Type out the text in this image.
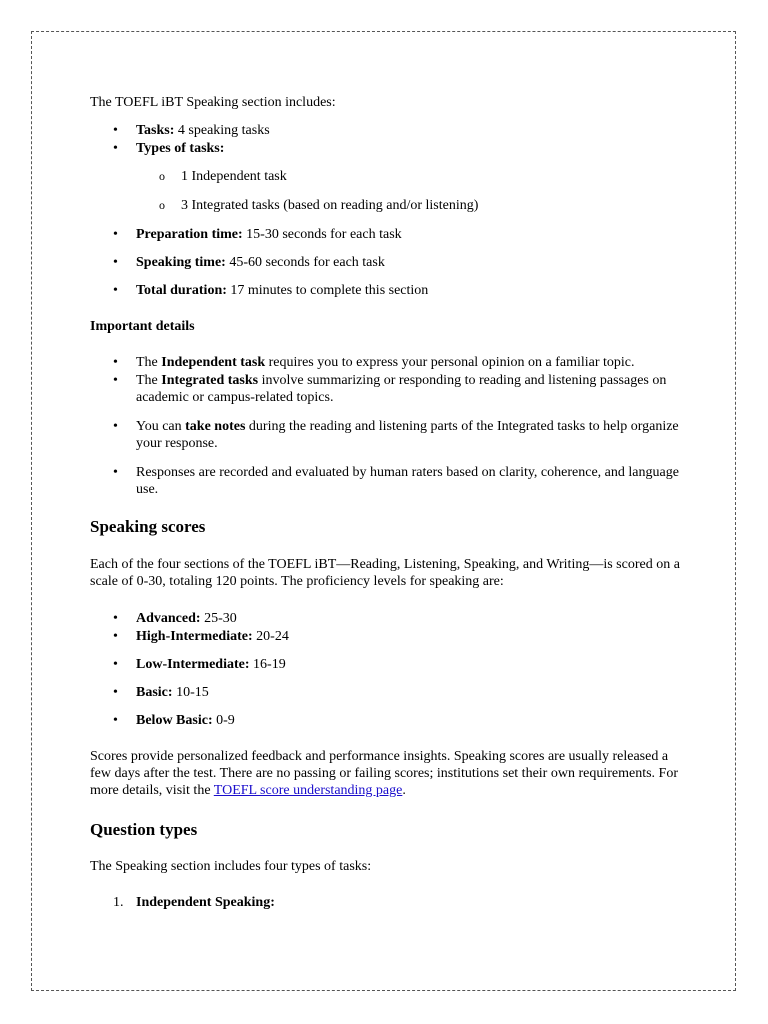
The TOEFL iBT Speaking section includes:
• Tasks: 4 speaking tasks
• Types of tasks:
o 1 Independent task
o 3 Integrated tasks (based on reading and/or listening)
• Preparation time: 15-30 seconds for each task
• Speaking time: 45-60 seconds for each task
• Total duration: 17 minutes to complete this section
Important details
• The Independent task requires you to express your personal opinion on a familiar topic.
• The Integrated tasks involve summarizing or responding to reading and listening passages on academic or campus-related topics.
• You can take notes during the reading and listening parts of the Integrated tasks to help organize your response.
• Responses are recorded and evaluated by human raters based on clarity, coherence, and language use.
Speaking scores
Each of the four sections of the TOEFL iBT—Reading, Listening, Speaking, and Writing—is scored on a scale of 0-30, totaling 120 points. The proficiency levels for speaking are:
• Advanced: 25-30
• High-Intermediate: 20-24
• Low-Intermediate: 16-19
• Basic: 10-15
• Below Basic: 0-9
Scores provide personalized feedback and performance insights. Speaking scores are usually released a few days after the test. There are no passing or failing scores; institutions set their own requirements. For more details, visit the TOEFL score understanding page.
Question types
The Speaking section includes four types of tasks:
1. Independent Speaking:
